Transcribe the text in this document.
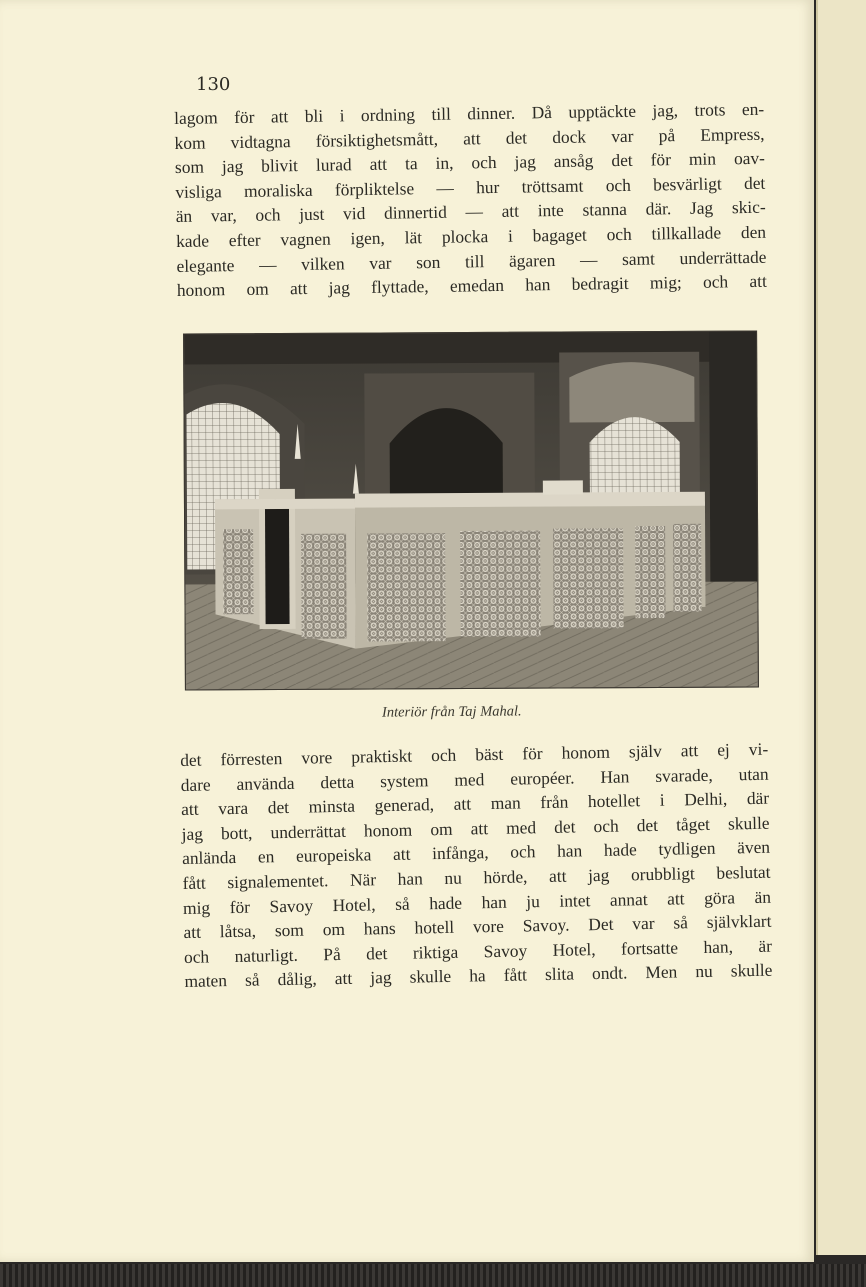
130
lagom för att bli i ordning till dinner. Då upptäckte jag, trots en-
kom vidtagna försiktighetsmått, att det dock var på Empress,
som jag blivit lurad att ta in, och jag ansåg det för min oav-
visliga moraliska förpliktelse — hur tröttsamt och besvärligt det
än var, och just vid dinnertid — att inte stanna där. Jag skic-
kade efter vagnen igen, lät plocka i bagaget och tillkallade den
elegante — vilken var son till ägaren — samt underrättade
honom om att jag flyttade, emedan han bedragit mig; och att
Interiör från Taj Mahal.
det förresten vore praktiskt och bäst för honom själv att ej vi-
dare använda detta system med européer. Han svarade, utan
att vara det minsta generad, att man från hotellet i Delhi, där
jag bott, underrättat honom om att med det och det tåget skulle
anlända en europeiska att infånga, och han hade tydligen även
fått signalementet. När han nu hörde, att jag orubbligt beslutat
mig för Savoy Hotel, så hade han ju intet annat att göra än
att låtsa, som om hans hotell vore Savoy. Det var så självklart
och naturligt. På det riktiga Savoy Hotel, fortsatte han, är
maten så dålig, att jag skulle ha fått slita ondt. Men nu skulle
